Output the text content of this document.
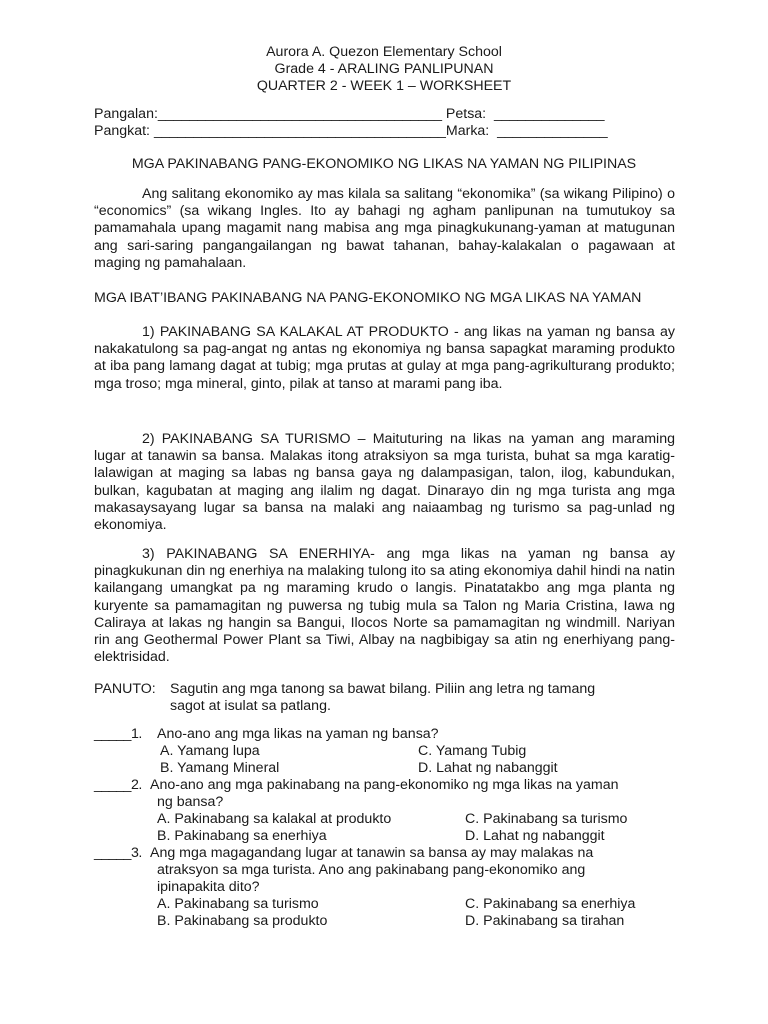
Aurora A. Quezon Elementary School
Grade 4 - ARALING PANLIPUNAN
QUARTER 2 - WEEK 1 – WORKSHEET
Pangalan:____________________________________ Petsa:  ______________
Pangkat: _____________________________________Marka:  ______________
MGA PAKINABANG PANG-EKONOMIKO NG LIKAS NA YAMAN NG PILIPINAS

Ang salitang ekonomiko ay mas kilala sa salitang “ekonomika” (sa wikang Pilipino) o “economics” (sa wikang Ingles. Ito ay bahagi ng agham panlipunan na tumutukoy sa pamamahala upang magamit nang mabisa ang mga pinagkukunang-yaman at matugunan ang sari-saring pangangailangan ng bawat tahanan, bahay-kalakalan o pagawaan at maging ng pamahalaan.

MGA IBAT’IBANG PAKINABANG NA PANG-EKONOMIKO NG MGA LIKAS NA YAMAN

1) PAKINABANG SA KALAKAL AT PRODUKTO - ang likas na yaman ng bansa ay nakakatulong sa pag-angat ng antas ng ekonomiya ng bansa sapagkat maraming produkto at iba pang lamang dagat at tubig; mga prutas at gulay at mga pang-agrikulturang produkto; mga troso; mga mineral, ginto, pilak at tanso at marami pang iba.

2) PAKINABANG SA TURISMO – Maituturing na likas na yaman ang maraming lugar at tanawin sa bansa. Malakas itong atraksiyon sa mga turista, buhat sa mga karatig-lalawigan at maging sa labas ng bansa gaya ng dalampasigan, talon, ilog, kabundukan, bulkan, kagubatan at maging ang ilalim ng dagat. Dinarayo din ng mga turista ang mga makasaysayang lugar sa bansa na malaki ang naiaambag ng turismo sa pag-unlad ng ekonomiya.

3) PAKINABANG SA ENERHIYA- ang mga likas na yaman ng bansa ay pinagkukunan din ng enerhiya na malaking tulong ito sa ating ekonomiya dahil hindi na natin kailangang umangkat pa ng maraming krudo o langis. Pinatatakbo ang mga planta ng kuryente sa pamamagitan ng puwersa ng tubig mula sa Talon ng Maria Cristina, Iawa ng Caliraya at lakas ng hangin sa Bangui, Ilocos Norte sa pamamagitan ng windmill. Nariyan rin ang Geothermal Power Plant sa Tiwi, Albay na nagbibigay sa atin ng enerhiyang pang-elektrisidad.

PANUTO: Sagutin ang mga tanong sa bawat bilang. Piliin ang letra ng tamang
sagot at isulat sa patlang.
_____1. Ano-ano ang mga likas na yaman ng bansa?
A. Yamang lupa	C. Yamang Tubig
B. Yamang Mineral	D. Lahat ng nabanggit
_____2. Ano-ano ang mga pakinabang na pang-ekonomiko ng mga likas na yaman
ng bansa?
A. Pakinabang sa kalakal at produkto	C. Pakinabang sa turismo
B. Pakinabang sa enerhiya	D. Lahat ng nabanggit
_____3. Ang mga magagandang lugar at tanawin sa bansa ay may malakas na
atraksyon sa mga turista. Ano ang pakinabang pang-ekonomiko ang
ipinapakita dito?
A. Pakinabang sa turismo	C. Pakinabang sa enerhiya
B. Pakinabang sa produkto	D. Pakinabang sa tirahan
